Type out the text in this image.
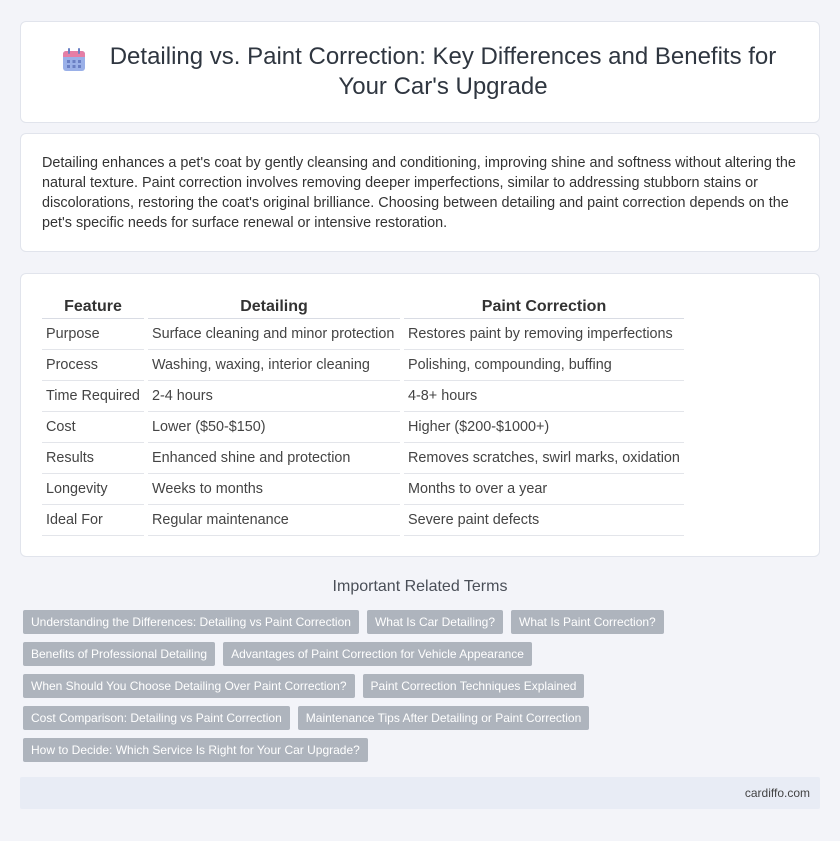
Detailing vs. Paint Correction: Key Differences and Benefits for Your Car's Upgrade

Detailing enhances a pet's coat by gently cleansing and conditioning, improving shine and softness without altering the natural texture. Paint correction involves removing deeper imperfections, similar to addressing stubborn stains or discolorations, restoring the coat's original brilliance. Choosing between detailing and paint correction depends on the pet's specific needs for surface renewal or intensive restoration.

Feature	Detailing	Paint Correction
Purpose	Surface cleaning and minor protection	Restores paint by removing imperfections
Process	Washing, waxing, interior cleaning	Polishing, compounding, buffing
Time Required	2-4 hours	4-8+ hours
Cost	Lower ($50-$150)	Higher ($200-$1000+)
Results	Enhanced shine and protection	Removes scratches, swirl marks, oxidation
Longevity	Weeks to months	Months to over a year
Ideal For	Regular maintenance	Severe paint defects
Important Related Terms
Understanding the Differences: Detailing vs Paint Correction	What Is Car Detailing?	What Is Paint Correction?
Benefits of Professional Detailing	Advantages of Paint Correction for Vehicle Appearance
When Should You Choose Detailing Over Paint Correction?	Paint Correction Techniques Explained
Cost Comparison: Detailing vs Paint Correction	Maintenance Tips After Detailing or Paint Correction
How to Decide: Which Service Is Right for Your Car Upgrade?
cardiffo.com
